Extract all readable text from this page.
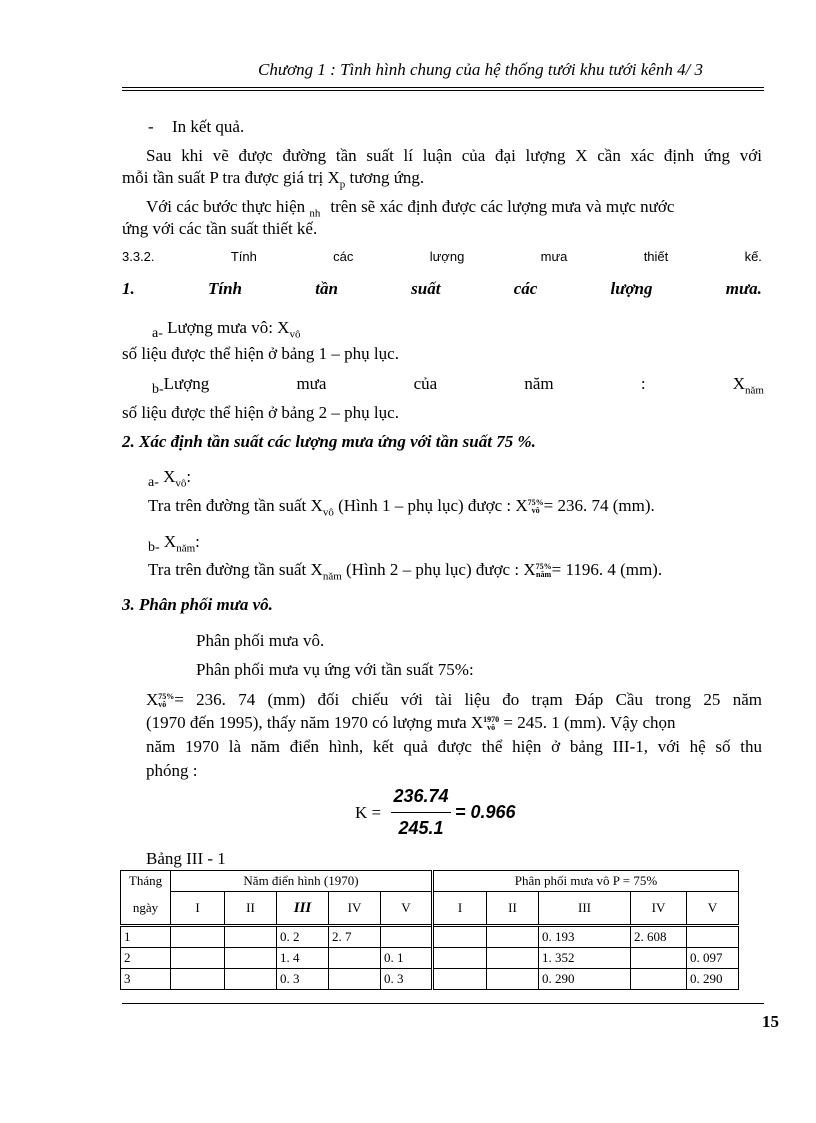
Chương 1 : Tình hình chung của hệ thống tưới khu tưới kênh 4/ 3
- In kết quả.
Sau khi vẽ được đường tần suất lí luận của đại lượng X cần xác định ứng với
mỗi tần suất P tra được giá trị $X_p$ tương ứng.
Với các bước thực hiện $_{nh}$ trên sẽ xác định được các lượng mưa và mực nước
ứng với các tần suất thiết kế.
3.3.2.	Tính	các	lượng	mưa	thiết	kế.
1.	Tính	tần	suất	các	lượng	mưa.
$_{a-}$ Lượng mưa vô: $X_{vô}$
số liệu được thể hiện ở bảng 1 – phụ lục.
$_{b-}$Lượng	mưa	của	năm	:	$X_{năm}$
số liệu được thể hiện ở bảng 2 – phụ lục.
2. Xác định tần suất các lượng mưa ứng với tần suất 75 %.
$_{a-}$ $X_{vô}$:
Tra trên đường tần suất $X_{vô}$ (Hình 1 – phụ lục) được : X75%
vô = 236. 74 (mm).
$_{b-}$ $X_{năm}$:
Tra trên đường tần suất $X_{năm}$ (Hình 2 – phụ lục) được : X75%
năm= 1196. 4 (mm).
3. Phân phối mưa vô.
Phân phối mưa vô.
Phân phối mưa vụ ứng với tần suất 75%:
X75%
vô = 236. 74 (mm) đối chiếu với tài liệu đo trạm Đáp Cầu trong 25 năm
(1970 đến 1995), thấy năm 1970 có lượng mưa X1970
vô = 245. 1 (mm). Vậy chọn
năm 1970 là năm điển hình, kết quả được thể hiện ở bảng III-1, với hệ số thu
phóng :
K =
236.74
245.1
= 0.966
Bảng III - 1
Tháng	Năm điển hình (1970)					Phân phối mưa vô P = 75%				
ngày	I	II	III	IV	V	I	II	III	IV	V
1			0. 2	2. 7				0. 193	2. 608	
2			1. 4		0. 1			1. 352		0. 097
3			0. 3		0. 3			0. 290		0. 290
15
